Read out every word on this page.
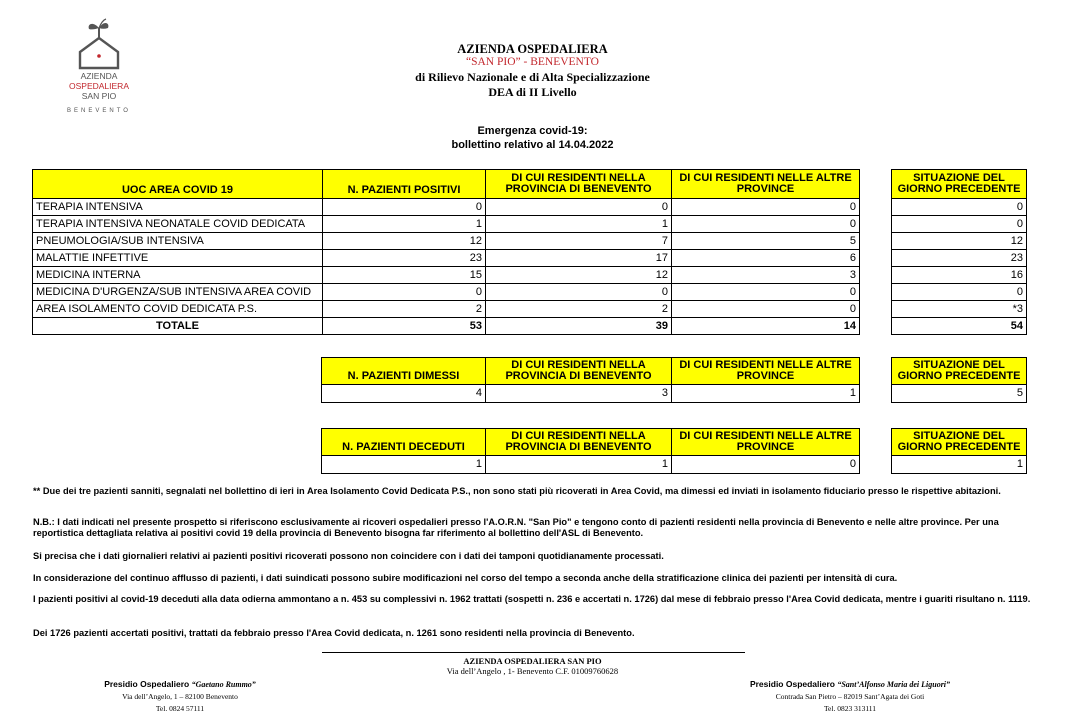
AZIENDA
OSPEDALIERA
SAN PIO
BENEVENTO
AZIENDA OSPEDALIERA
“SAN PIO” - BENEVENTO
di Rilievo Nazionale e di Alta Specializzazione
DEA di II Livello
Emergenza covid-19:
bollettino relativo al 14.04.2022
UOC AREA COVID 19	N. PAZIENTI POSITIVI	DI CUI RESIDENTI NELLA
PROVINCIA DI BENEVENTO	DI CUI RESIDENTI NELLE ALTRE
PROVINCE		SITUAZIONE DEL
GIORNO PRECEDENTE
TERAPIA INTENSIVA	0	0	0		0
TERAPIA INTENSIVA NEONATALE COVID DEDICATA	1	1	0		0
PNEUMOLOGIA/SUB INTENSIVA	12	7	5		12
MALATTIE INFETTIVE	23	17	6		23
MEDICINA INTERNA	15	12	3		16
MEDICINA D'URGENZA/SUB INTENSIVA AREA COVID	0	0	0		0
AREA ISOLAMENTO COVID DEDICATA P.S.	2	2	0		*3
TOTALE	53	39	14		54
N. PAZIENTI DIMESSI	DI CUI RESIDENTI NELLA
PROVINCIA DI BENEVENTO	DI CUI RESIDENTI NELLE ALTRE
PROVINCE		SITUAZIONE DEL
GIORNO PRECEDENTE
4	3	1		5
N. PAZIENTI DECEDUTI	DI CUI RESIDENTI NELLA
PROVINCIA DI BENEVENTO	DI CUI RESIDENTI NELLE ALTRE
PROVINCE		SITUAZIONE DEL
GIORNO PRECEDENTE
1	1	0		1
** Due dei tre pazienti sanniti, segnalati nel bollettino di ieri in Area Isolamento Covid Dedicata P.S., non sono stati più ricoverati in Area Covid, ma dimessi ed inviati in isolamento fiduciario presso le rispettive abitazioni.
N.B.: I dati indicati nel presente prospetto si riferiscono esclusivamente ai ricoveri ospedalieri presso l'A.O.R.N. "San Pio" e tengono conto di pazienti residenti nella provincia di Benevento e nelle altre province. Per una reportistica dettagliata relativa ai positivi covid 19 della provincia di Benevento bisogna far riferimento al bollettino dell'ASL di Benevento.
Si precisa che i dati giornalieri relativi ai pazienti positivi ricoverati possono non coincidere con i dati dei tamponi quotidianamente processati.
In considerazione del continuo afflusso di pazienti, i dati suindicati possono subire modificazioni nel corso del tempo a seconda anche della stratificazione clinica dei pazienti per intensità di cura.
I pazienti positivi al covid-19 deceduti alla data odierna ammontano a n. 453 su complessivi n. 1962 trattati (sospetti n. 236 e accertati n. 1726) dal mese di febbraio presso l'Area Covid dedicata, mentre i guariti risultano n. 1119.
Dei 1726 pazienti accertati positivi, trattati da febbraio presso l'Area Covid dedicata, n. 1261 sono residenti nella provincia di Benevento.
AZIENDA OSPEDALIERA SAN PIO
Via dell’Angelo , 1- Benevento C.F. 01009760628
Presidio Ospedaliero “Gaetano Rummo”
Via dell’Angelo, 1 – 82100 Benevento
Tel. 0824 57111
Presidio Ospedaliero “Sant’Alfonso Maria dei Liguori”
Contrada San Pietro – 82019 Sant’Agata dei Goti
Tel. 0823 313111
